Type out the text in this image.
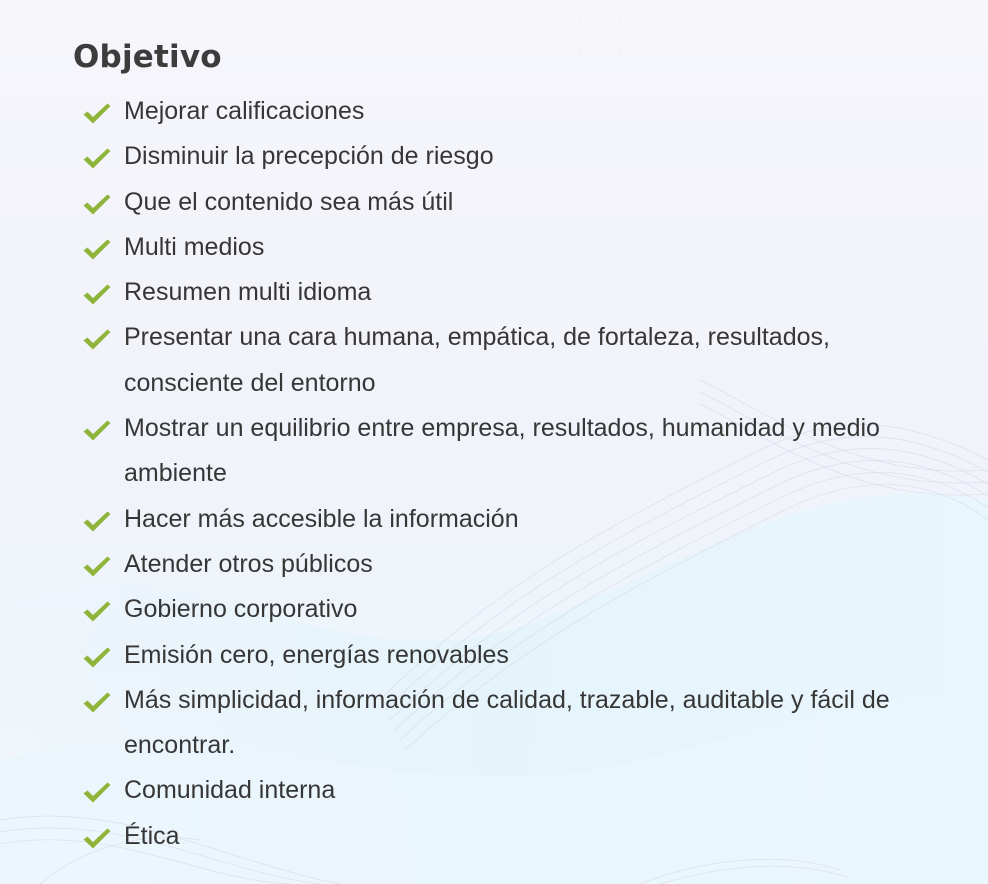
Objetivo
Mejorar calificaciones
Disminuir la precepción de riesgo
Que el contenido sea más útil
Multi medios
Resumen multi idioma
Presentar una cara humana, empática, de fortaleza, resultados, consciente del entorno
Mostrar un equilibrio entre empresa, resultados, humanidad y medio ambiente
Hacer más accesible la información
Atender otros públicos
Gobierno corporativo
Emisión cero, energías renovables
Más simplicidad, información de calidad, trazable, auditable y fácil de encontrar.
Comunidad interna
Ética
